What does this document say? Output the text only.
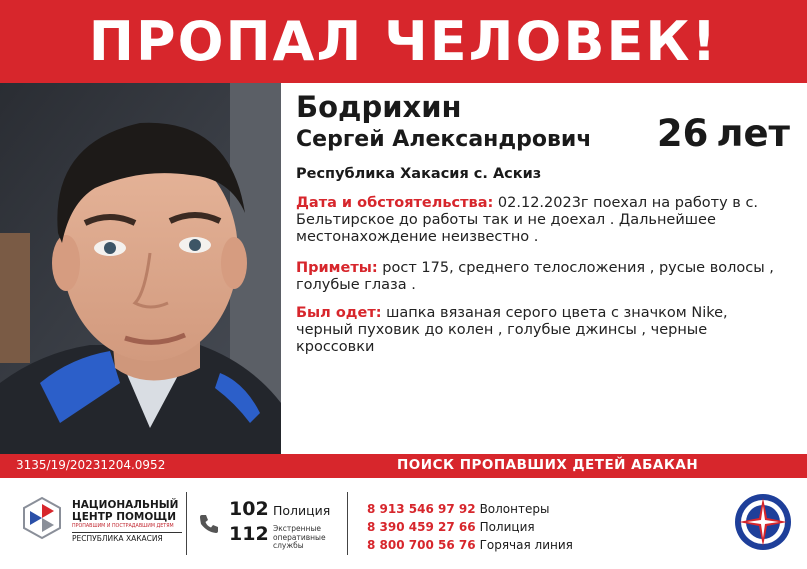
ПРОПАЛ ЧЕЛОВЕК!
Бодрихин
Сергей Александрович 26 лет
Республика Хакасия с. Аскиз
Дата и обстоятельства: 02.12.2023г поехал на работу в с. Бельтирское до работы так и не доехал . Дальнейшее местонахождение неизвестно .
Приметы: рост 175, среднего телосложения , русые волосы , голубые глаза .
Был одет: шапка вязаная серого цвета с значком Nike, черный пуховик до колен , голубые джинсы , черные кроссовки
3135/19/20231204.0952	ПОИСК ПРОПАВШИХ ДЕТЕЙ АБАКАН
НАЦИОНАЛЬНЫЙ
ЦЕНТР ПОМОЩИ
ПРОПАВШИМ И ПОСТРАДАВШИМ ДЕТЯМ
РЕСПУБЛИКА ХАКАСИЯ
102 Полиция
112 Экстренные оперативные службы
8 913 546 97 92 Волонтеры
8 390 459 27 66 Полиция
8 800 700 56 76 Горячая линия
